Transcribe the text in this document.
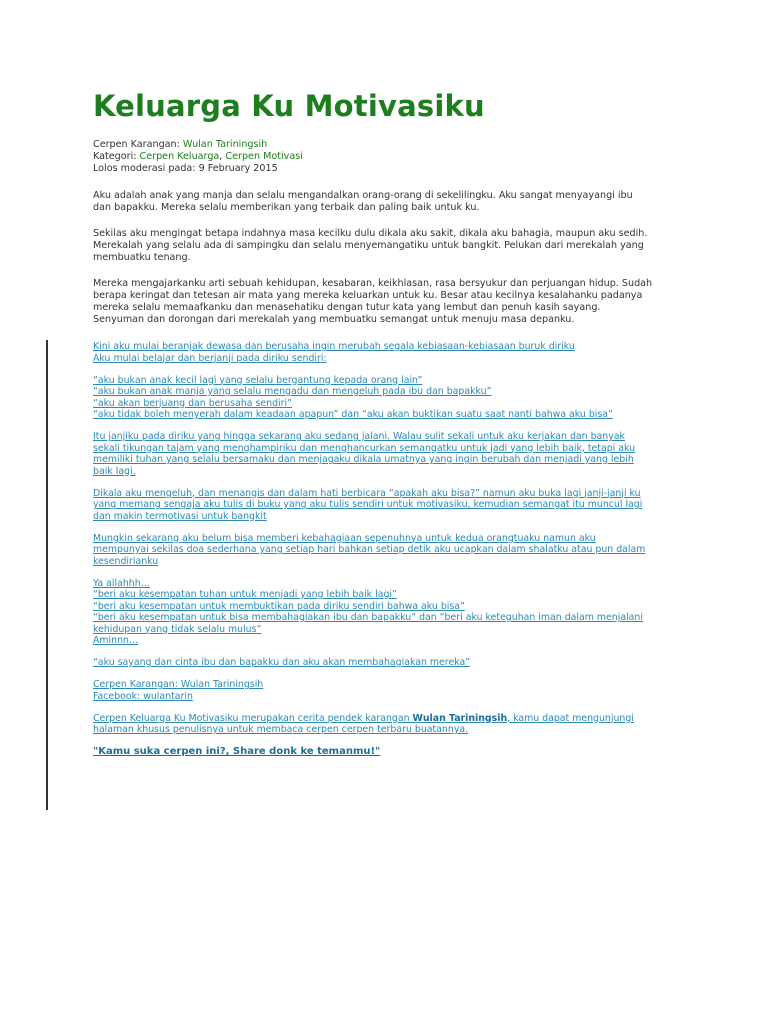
Keluarga Ku Motivasiku
Cerpen Karangan: Wulan Tariningsih
Kategori: Cerpen Keluarga, Cerpen Motivasi
Lolos moderasi pada: 9 February 2015

Aku adalah anak yang manja dan selalu mengandalkan orang-orang di sekelilingku. Aku sangat menyayangi ibu dan bapakku. Mereka selalu memberikan yang terbaik dan paling baik untuk ku.

Sekilas aku mengingat betapa indahnya masa kecilku dulu dikala aku sakit, dikala aku bahagia, maupun aku sedih. Merekalah yang selalu ada di sampingku dan selalu menyemangatiku untuk bangkit. Pelukan dari merekalah yang membuatku tenang.

Mereka mengajarkanku arti sebuah kehidupan, kesabaran, keikhlasan, rasa bersyukur dan perjuangan hidup. Sudah berapa keringat dan tetesan air mata yang mereka keluarkan untuk ku. Besar atau kecilnya kesalahanku padanya mereka selalu memaafkanku dan menasehatiku dengan tutur kata yang lembut dan penuh kasih sayang. Senyuman dan dorongan dari merekalah yang membuatku semangat untuk menuju masa depanku.

Kini aku mulai beranjak dewasa dan berusaha ingin merubah segala kebiasaan-kebiasaan buruk diriku
Aku mulai belajar dan berjanji pada diriku sendiri:

“aku bukan anak kecil lagi yang selalu bergantung kepada orang lain”
“aku bukan anak manja yang selalu mengadu dan mengeluh pada ibu dan bapakku”
“aku akan berjuang dan berusaha sendiri”
“aku tidak boleh menyerah dalam keadaan apapun” dan “aku akan buktikan suatu saat nanti bahwa aku bisa”

Itu janjiku pada diriku yang hingga sekarang aku sedang jalani. Walau sulit sekali untuk aku kerjakan dan banyak sekali tikungan tajam yang menghampiriku dan menghancurkan semangatku untuk jadi yang lebih baik, tetapi aku memiliki tuhan yang selalu bersamaku dan menjagaku dikala umatnya yang ingin berubah dan menjadi yang lebih baik lagi.

Dikala aku mengeluh, dan menangis dan dalam hati berbicara “apakah aku bisa?” namun aku buka lagi janji-janji ku yang memang sengaja aku tulis di buku yang aku tulis sendiri untuk motivasiku, kemudian semangat itu muncul lagi dan makin termotivasi untuk bangkit

Mungkin sekarang aku belum bisa memberi kebahagiaan sepenuhnya untuk kedua orangtuaku namun aku mempunyai sekilas doa sederhana yang setiap hari bahkan setiap detik aku ucapkan dalam shalatku atau pun dalam kesendirianku

Ya allahhh…
“beri aku kesempatan tuhan untuk menjadi yang lebih baik lagi”
“beri aku kesempatan untuk membuktikan pada diriku sendiri bahwa aku bisa”
“beri aku kesempatan untuk bisa membahagiakan ibu dan bapakku” dan “beri aku keteguhan iman dalam menjalani kehidupan yang tidak selalu mulus”
Aminnn…

“aku sayang dan cinta ibu dan bapakku dan aku akan membahagiakan mereka”

Cerpen Karangan: Wulan Tariningsih
Facebook: wulantarin

Cerpen Keluarga Ku Motivasiku merupakan cerita pendek karangan Wulan Tariningsih, kamu dapat mengunjungi halaman khusus penulisnya untuk membaca cerpen cerpen terbaru buatannya.

"Kamu suka cerpen ini?, Share donk ke temanmu!"
